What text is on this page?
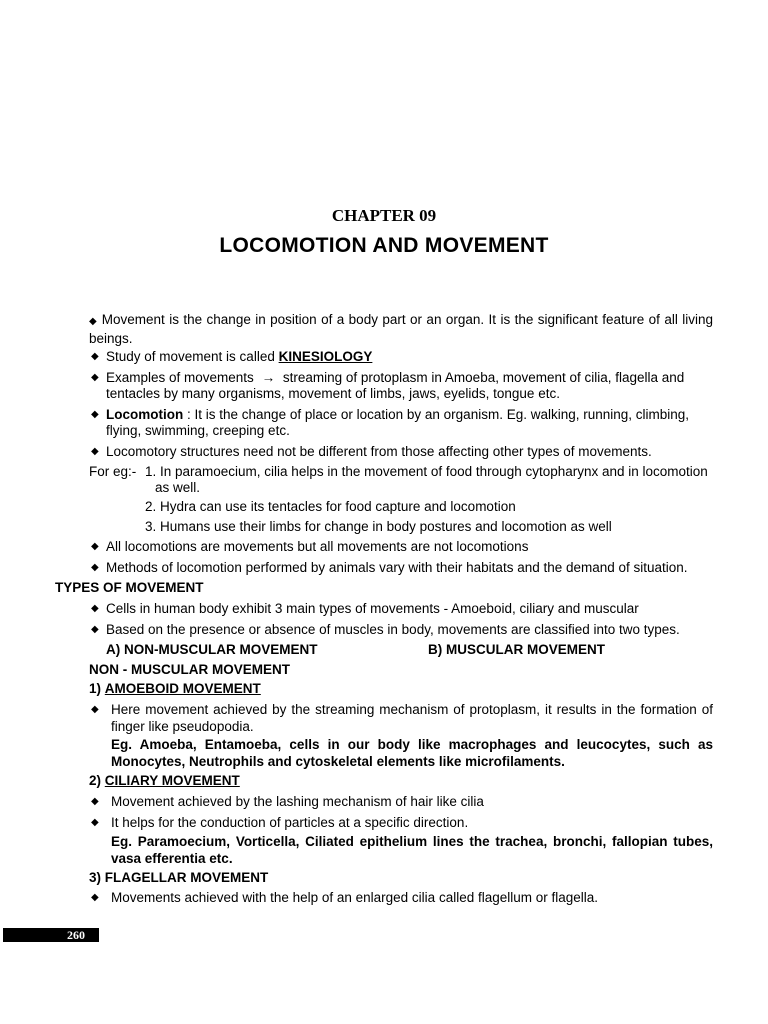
CHAPTER 09
LOCOMOTION AND MOVEMENT
◆ Movement is the change in position of a body part or an organ. It is the significant feature of all living beings.
◆ Study of movement is called KINESIOLOGY
◆ Examples of movements → streaming of protoplasm in Amoeba, movement of cilia, flagella and
tentacles by many organisms, movement of limbs, jaws, eyelids, tongue etc.
◆ Locomotion : It is the change of place or location by an organism. Eg. walking, running, climbing,
flying, swimming, creeping etc.
◆ Locomotory structures need not be different from those affecting other types of movements.
For eg:- 1. In paramoecium, cilia helps in the movement of food through cytopharynx and in locomotion
as well.
2. Hydra can use its tentacles for food capture and locomotion
3. Humans use their limbs for change in body postures and locomotion as well
◆ All locomotions are movements but all movements are not locomotions
◆ Methods of locomotion performed by animals vary with their habitats and the demand of situation.
TYPES OF MOVEMENT
◆ Cells in human body exhibit 3 main types of movements - Amoeboid, ciliary and muscular
◆ Based on the presence or absence of muscles in body, movements are classified into two types.
A) NON-MUSCULAR MOVEMENT	B) MUSCULAR MOVEMENT
NON - MUSCULAR MOVEMENT
1) AMOEBOID MOVEMENT
◆ Here movement achieved by the streaming mechanism of protoplasm, it results in the formation of finger like pseudopodia.
Eg. Amoeba, Entamoeba, cells in our body like macrophages and leucocytes, such as Monocytes, Neutrophils and cytoskeletal elements like microfilaments.
2) CILIARY MOVEMENT
◆ Movement achieved by the lashing mechanism of hair like cilia
◆ It helps for the conduction of particles at a specific direction.
Eg. Paramoecium, Vorticella, Ciliated epithelium lines the trachea, bronchi, fallopian tubes, vasa efferentia etc.
3) FLAGELLAR MOVEMENT
◆ Movements achieved with the help of an enlarged cilia called flagellum or flagella.
260
